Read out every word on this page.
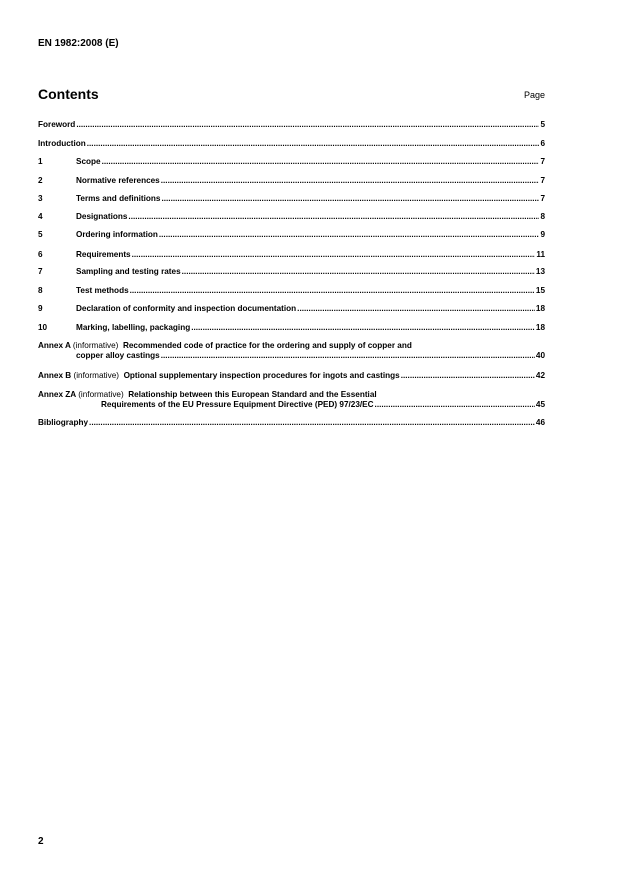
EN 1982:2008 (E)
Contents	Page
Foreword .....	5
Introduction .....	6
1	Scope .....	7
2	Normative references .....	7
3	Terms and definitions .....	7
4	Designations .....	8
5	Ordering information .....	9
6	Requirements .....	11
7	Sampling and testing rates .....	13
8	Test methods .....	15
9	Declaration of conformity and inspection documentation .....	18
10	Marking, labelling, packaging .....	18
Annex A (informative) Recommended code of practice for the ordering and supply of copper and
copper alloy castings .....	40
Annex B (informative) Optional supplementary inspection procedures for ingots and castings .....	42
Annex ZA (informative) Relationship between this European Standard and the Essential
Requirements of the EU Pressure Equipment Directive (PED) 97/23/EC .....	45
Bibliography .....	46
2
